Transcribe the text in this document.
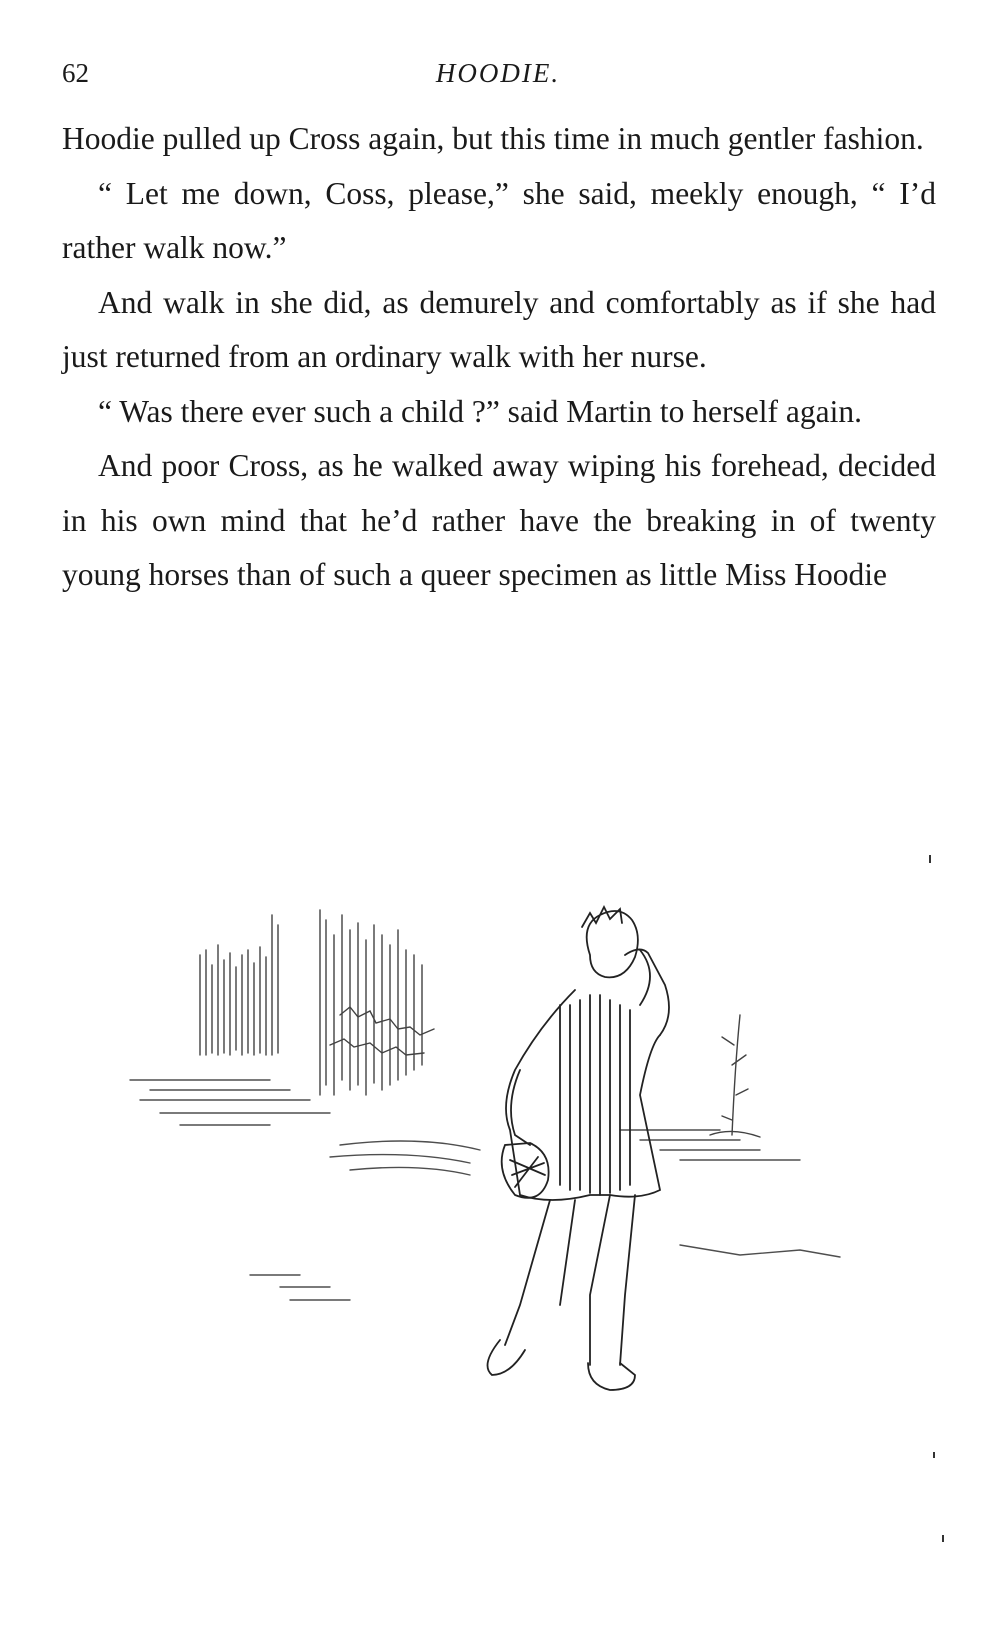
62	HOODIE.

Hoodie pulled up Cross again, but this time in much gentler fashion.

“ Let me down, Coss, please,” she said, meekly enough, “ I’d rather walk now.”

And walk in she did, as demurely and comfortably as if she had just returned from an ordinary walk with her nurse.

“ Was there ever such a child ?” said Martin to herself again.

And poor Cross, as he walked away wiping his forehead, decided in his own mind that he’d rather have the breaking in of twenty young horses than of such a queer specimen as little Miss Hoodie
